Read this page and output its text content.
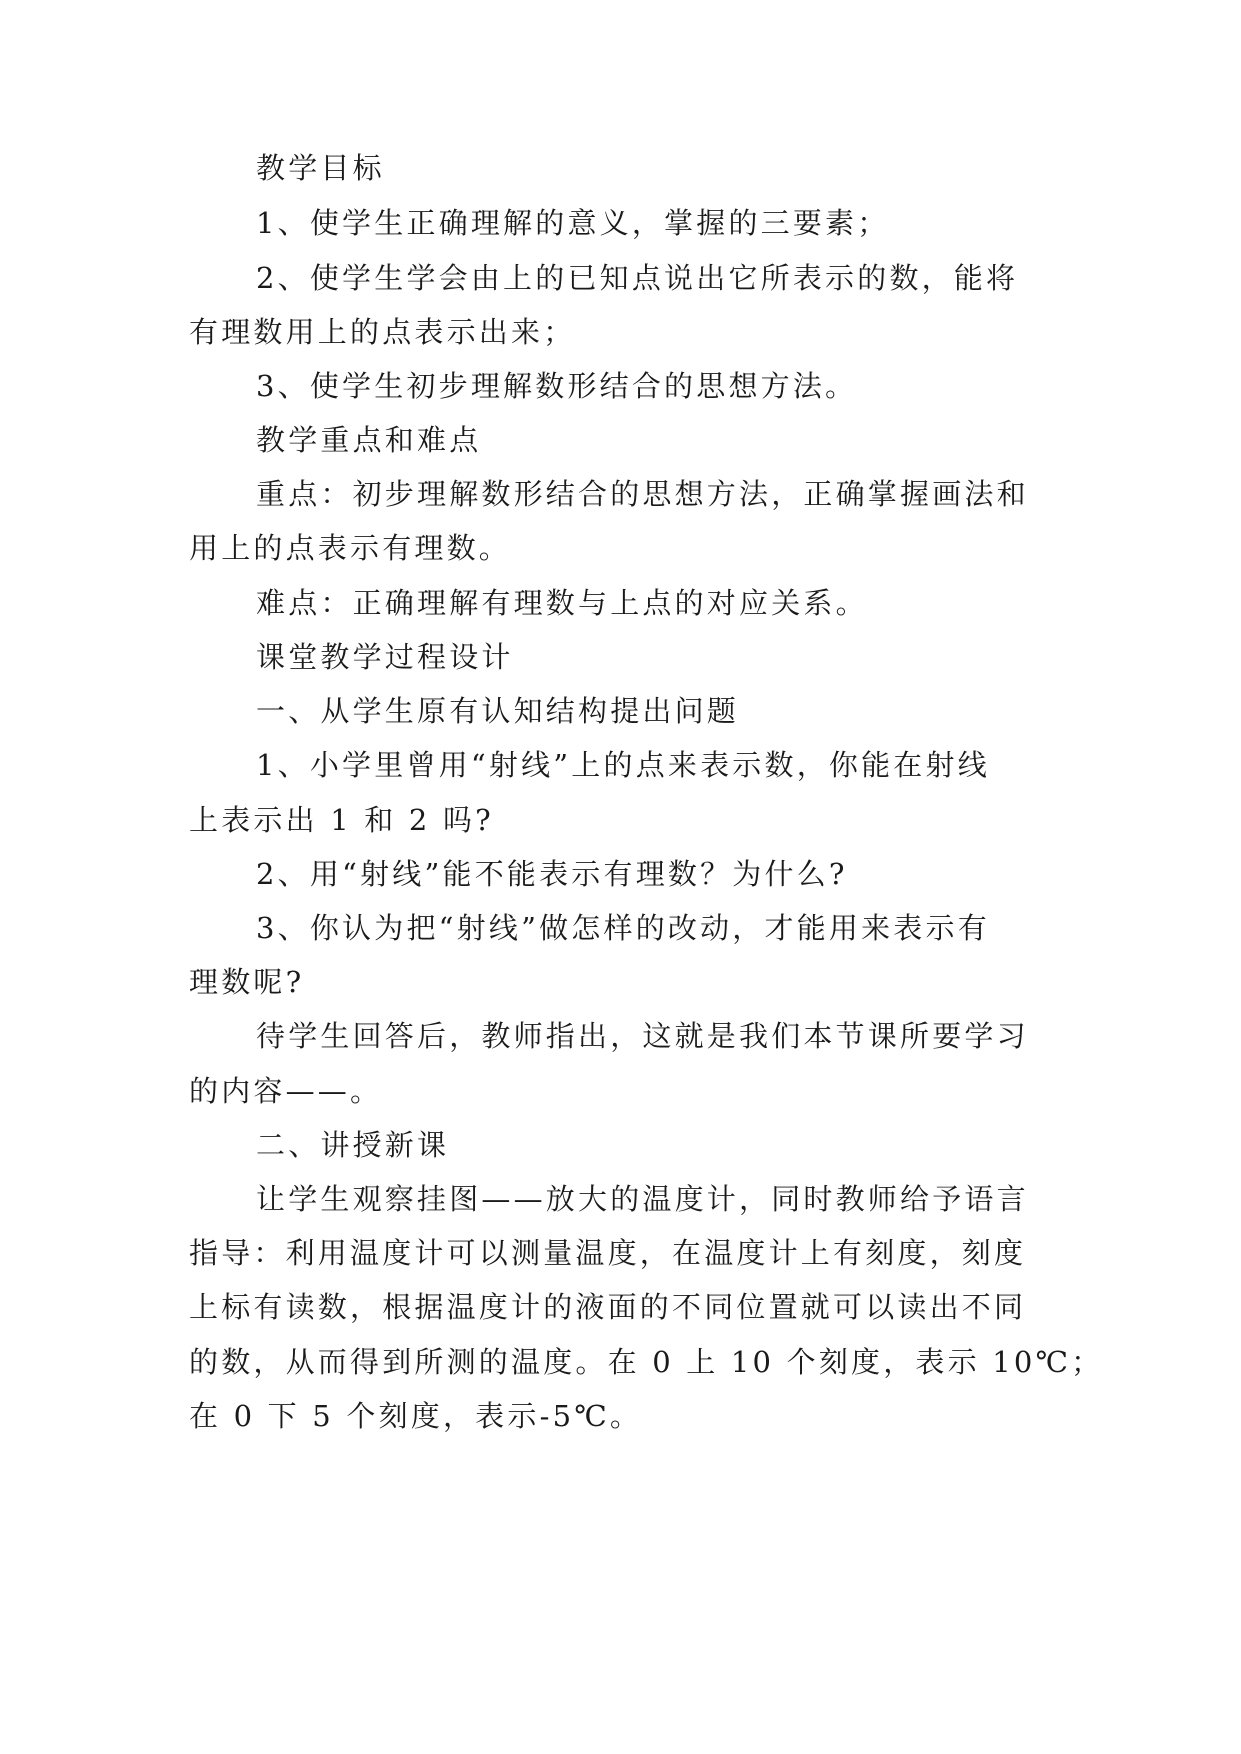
教学目标
1、使学生正确理解的意义，掌握的三要素；
2、使学生学会由上的已知点说出它所表示的数，能将
有理数用上的点表示出来；
3、使学生初步理解数形结合的思想方法。
教学重点和难点
重点：初步理解数形结合的思想方法，正确掌握画法和
用上的点表示有理数。
难点：正确理解有理数与上点的对应关系。
课堂教学过程设计
一、从学生原有认知结构提出问题
1、小学里曾用“射线”上的点来表示数，你能在射线
上表示出 1 和 2 吗?
2、用“射线”能不能表示有理数？为什么?
3、你认为把“射线”做怎样的改动，才能用来表示有
理数呢?
待学生回答后，教师指出，这就是我们本节课所要学习
的内容——。
二、讲授新课
让学生观察挂图——放大的温度计，同时教师给予语言
指导：利用温度计可以测量温度，在温度计上有刻度，刻度
上标有读数，根据温度计的液面的不同位置就可以读出不同
的数，从而得到所测的温度。在 0 上 10 个刻度，表示 10℃；
在 0 下 5 个刻度，表示-5℃。
